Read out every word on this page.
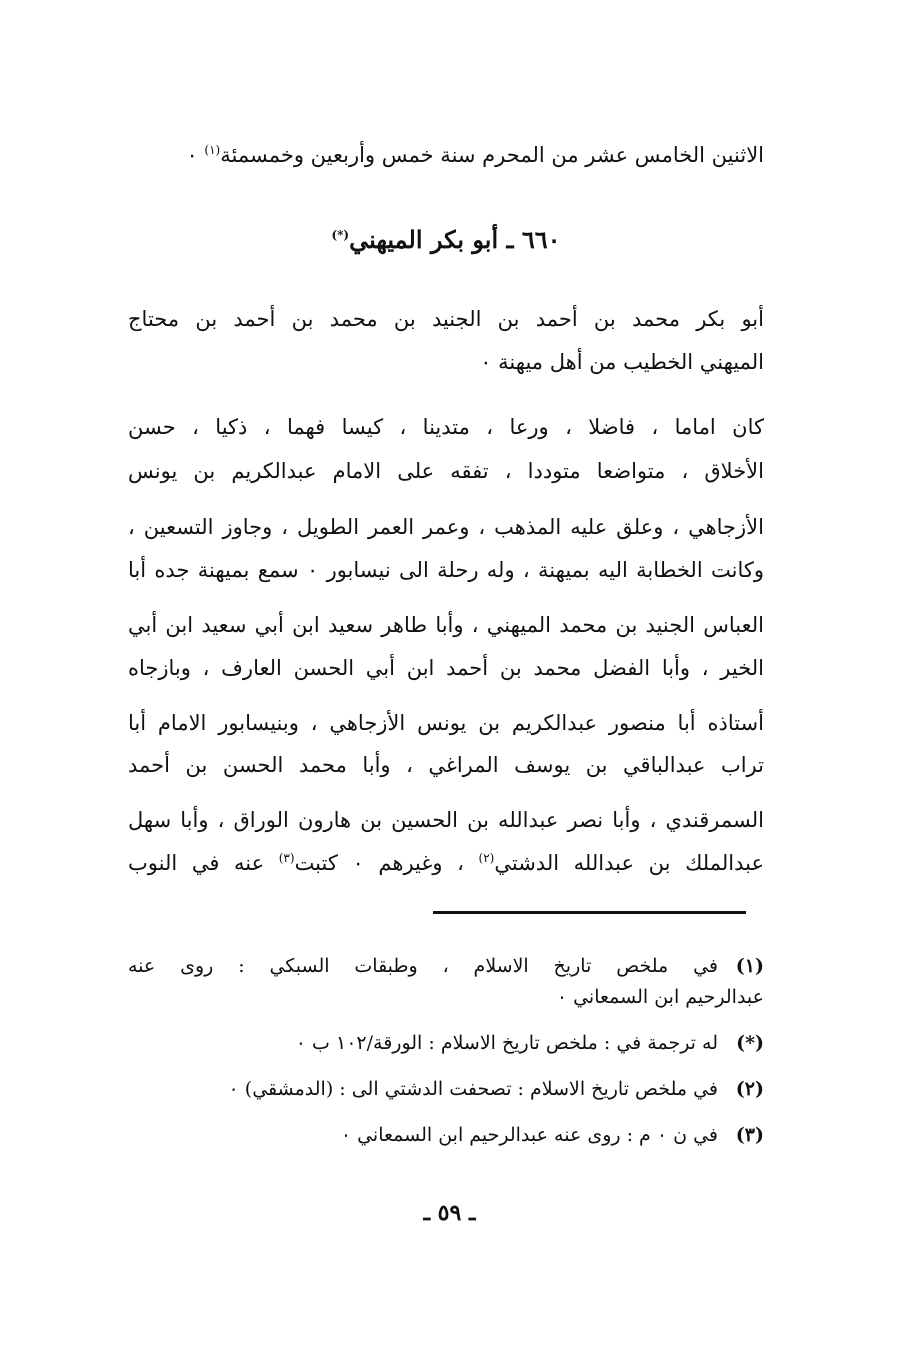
الاثنين الخامس عشر من المحرم سنة خمس وأربعين وخمسمئة$^{(١)}$ ٠
٦٦٠ ـ أبو بكر الميهني(*)
أبو بكر محمد بن أحمد بن الجنيد بن محمد بن أحمد بن محتاج
الميهني الخطيب من أهل ميهنة ٠
كان اماما ، فاضلا ، ورعا ، متدينا ، كيسا فهما ، ذكيا ، حسن
الأخلاق ، متواضعا متوددا ، تفقه على الامام عبدالكريم بن يونس
الأزجاهي ، وعلق عليه المذهب ، وعمر العمر الطويل ، وجاوز التسعين ،
وكانت الخطابة اليه بميهنة ، وله رحلة الى نيسابور ٠ سمع بميهنة جده أبا
العباس الجنيد بن محمد الميهني ، وأبا طاهر سعيد ابن أبي سعيد ابن أبي
الخير ، وأبا الفضل محمد بن أحمد ابن أبي الحسن العارف ، وبازجاه
أستاذه أبا منصور عبدالكريم بن يونس الأزجاهي ، وبنيسابور الامام أبا
تراب عبدالباقي بن يوسف المراغي ، وأبا محمد الحسن بن أحمد
السمرقندي ، وأبا نصر عبدالله بن الحسين بن هارون الوراق ، وأبا سهل
عبدالملك بن عبدالله الدشتي$^{(٢)}$ ، وغيرهم ٠ كتبت$^{(٣)}$ عنه في النوب
(١)في ملخص تاريخ الاسلام ، وطبقات السبكي : روى عنه
عبدالرحيم ابن السمعاني ٠
(*)له ترجمة في : ملخص تاريخ الاسلام : الورقة/١٠٢ ب ٠
(٢)في ملخص تاريخ الاسلام : تصحفت الدشتي الى : (الدمشقي) ٠
(٣)في ن ٠ م : روى عنه عبدالرحيم ابن السمعاني ٠
ـ ٥٩ ـ
